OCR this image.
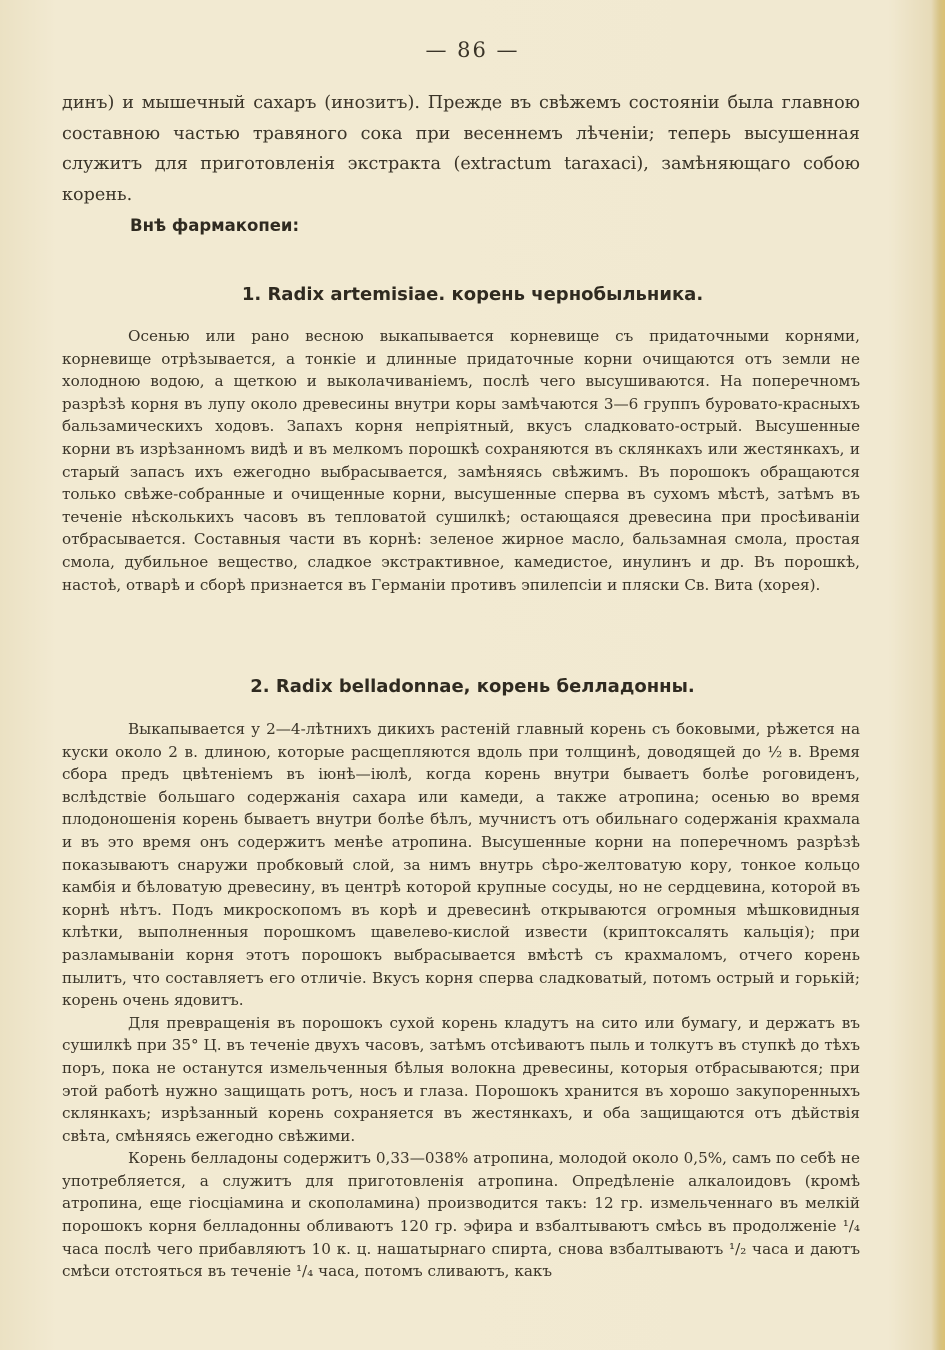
— 86 —

динъ) и мышечный сахаръ (инозитъ). Прежде въ свѣжемъ состояніи была главною составною частью травяного сока при весеннемъ лѣченіи; теперь высушенная служитъ для приготовленія экстракта (extractum taraxaci), замѣняющаго собою корень.

Внѣ фармакопеи:
1. Radix artemisiae. корень чернобыльника.

Осенью или рано весною выкапывается корневище съ придаточными корнями, корневище отрѣзывается, а тонкіе и длинные придаточные корни очищаются отъ земли не холодною водою, а щеткою и выколачиваніемъ, послѣ чего высушиваются. На поперечномъ разрѣзѣ корня въ лупу около древесины внутри коры замѣчаются 3—6 группъ буровато-красныхъ бальзамическихъ ходовъ. Запахъ корня непріятный, вкусъ сладковато-острый. Высушенные корни въ изрѣзанномъ видѣ и въ мелкомъ порошкѣ сохраняются въ склянкахъ или жестянкахъ, и старый запасъ ихъ ежегодно выбрасывается, замѣняясь свѣжимъ. Въ порошокъ обращаются только свѣже-собранные и очищенные корни, высушенные сперва въ сухомъ мѣстѣ, затѣмъ въ теченіе нѣсколькихъ часовъ въ тепловатой сушилкѣ; остающаяся древесина при просѣиваніи отбрасывается. Составныя части въ корнѣ: зеленое жирное масло, бальзамная смола, простая смола, дубильное вещество, сладкое экстрактивное, камедистое, инулинъ и др. Въ порошкѣ, настоѣ, отварѣ и сборѣ признается въ Германіи противъ эпилепсіи и пляски Св. Вита (хорея).

2. Radix belladonnae, корень белладонны.

Выкапывается у 2—4-лѣтнихъ дикихъ растеній главный корень съ боковыми, рѣжется на куски около 2 в. длиною, которые расщепляются вдоль при толщинѣ, доводящей до ½ в. Время сбора предъ цвѣтеніемъ въ іюнѣ—іюлѣ, когда корень внутри бываетъ болѣе роговиденъ, вслѣдствіе большаго содержанія сахара или камеди, а также атропина; осенью во время плодоношенія корень бываетъ внутри болѣе бѣлъ, мучнистъ отъ обильнаго содержанія крахмала и въ это время онъ содержитъ менѣе атропина. Высушенные корни на поперечномъ разрѣзѣ показываютъ снаружи пробковый слой, за нимъ внутрь сѣро-желтоватую кору, тонкое кольцо камбія и бѣловатую древесину, въ центрѣ которой крупные сосуды, но не сердцевина, которой въ корнѣ нѣтъ. Подъ микроскопомъ въ корѣ и древесинѣ открываются огромныя мѣшковидныя клѣтки, выполненныя порошкомъ щавелево-кислой извести (криптоксалять кальція); при разламываніи корня этотъ порошокъ выбрасывается вмѣстѣ съ крахмаломъ, отчего корень пылитъ, что составляетъ его отличіе. Вкусъ корня сперва сладковатый, потомъ острый и горькій; корень очень ядовитъ.

Для превращенія въ порошокъ сухой корень кладутъ на сито или бумагу, и держатъ въ сушилкѣ при 35° Ц. въ теченіе двухъ часовъ, затѣмъ отсѣиваютъ пыль и толкутъ въ ступкѣ до тѣхъ поръ, пока не останутся измельченныя бѣлыя волокна древесины, которыя отбрасываются; при этой работѣ нужно защищать ротъ, носъ и глаза. Порошокъ хранится въ хорошо закупоренныхъ склянкахъ; изрѣзанный корень сохраняется въ жестянкахъ, и оба защищаются отъ дѣйствія свѣта, смѣняясь ежегодно свѣжими.

Корень белладоны содержитъ 0,33—038% атропина, молодой около 0,5%, самъ по себѣ не употребляется, а служитъ для приготовленія атропина. Опредѣленіе алкалоидовъ (кромѣ атропина, еще гіосціамина и скополамина) производится такъ: 12 гр. измельченнаго въ мелкій порошокъ корня белладонны обливаютъ 120 гр. эфира и взбалтываютъ смѣсь въ продолженіе ¹/₄ часа послѣ чего прибавляютъ 10 к. ц. нашатырнаго спирта, снова взбалтываютъ ¹/₂ часа и даютъ смѣси отстояться въ теченіе ¹/₄ часа, потомъ сливаютъ, какъ
